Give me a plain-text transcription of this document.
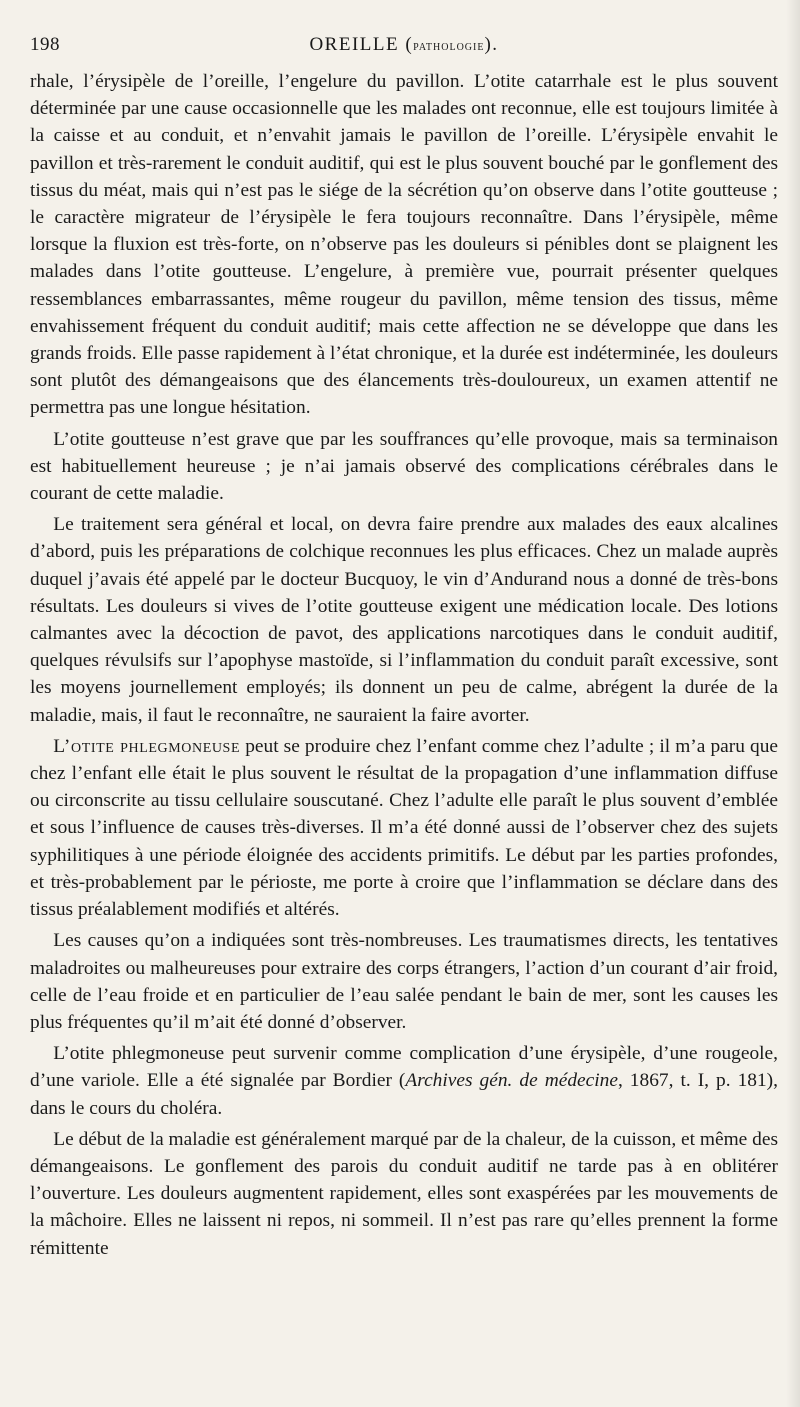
198	OREILLE (pathologie).

rhale, l’érysipèle de l’oreille, l’engelure du pavillon. L’otite catarrhale est le plus souvent déterminée par une cause occasionnelle que les malades ont reconnue, elle est toujours limitée à la caisse et au conduit, et n’envahit jamais le pavillon de l’oreille. L’érysipèle envahit le pavillon et très-rarement le conduit auditif, qui est le plus souvent bouché par le gonflement des tissus du méat, mais qui n’est pas le siége de la sécrétion qu’on observe dans l’otite goutteuse ; le caractère migrateur de l’érysipèle le fera toujours reconnaître. Dans l’érysipèle, même lorsque la fluxion est très-forte, on n’observe pas les douleurs si pénibles dont se plaignent les malades dans l’otite goutteuse. L’engelure, à première vue, pourrait présenter quelques ressemblances embarrassantes, même rougeur du pavillon, même tension des tissus, même envahissement fréquent du conduit auditif; mais cette affection ne se développe que dans les grands froids. Elle passe rapidement à l’état chronique, et la durée est indéterminée, les douleurs sont plutôt des démangeaisons que des élancements très-douloureux, un examen attentif ne permettra pas une longue hésitation.

L’otite goutteuse n’est grave que par les souffrances qu’elle provoque, mais sa terminaison est habituellement heureuse ; je n’ai jamais observé des complications cérébrales dans le courant de cette maladie.

Le traitement sera général et local, on devra faire prendre aux malades des eaux alcalines d’abord, puis les préparations de colchique reconnues les plus efficaces. Chez un malade auprès duquel j’avais été appelé par le docteur Bucquoy, le vin d’Andurand nous a donné de très-bons résultats. Les douleurs si vives de l’otite goutteuse exigent une médication locale. Des lotions calmantes avec la décoction de pavot, des applications narcotiques dans le conduit auditif, quelques révulsifs sur l’apophyse mastoïde, si l’inflammation du conduit paraît excessive, sont les moyens journellement employés; ils donnent un peu de calme, abrégent la durée de la maladie, mais, il faut le reconnaître, ne sauraient la faire avorter.

L’otite phlegmoneuse peut se produire chez l’enfant comme chez l’adulte ; il m’a paru que chez l’enfant elle était le plus souvent le résultat de la propagation d’une inflammation diffuse ou circonscrite au tissu cellulaire souscutané. Chez l’adulte elle paraît le plus souvent d’emblée et sous l’influence de causes très-diverses. Il m’a été donné aussi de l’observer chez des sujets syphilitiques à une période éloignée des accidents primitifs. Le début par les parties profondes, et très-probablement par le périoste, me porte à croire que l’inflammation se déclare dans des tissus préalablement modifiés et altérés.

Les causes qu’on a indiquées sont très-nombreuses. Les traumatismes directs, les tentatives maladroites ou malheureuses pour extraire des corps étrangers, l’action d’un courant d’air froid, celle de l’eau froide et en particulier de l’eau salée pendant le bain de mer, sont les causes les plus fréquentes qu’il m’ait été donné d’observer.

L’otite phlegmoneuse peut survenir comme complication d’une érysipèle, d’une rougeole, d’une variole. Elle a été signalée par Bordier (Archives gén. de médecine, 1867, t. I, p. 181), dans le cours du choléra.

Le début de la maladie est généralement marqué par de la chaleur, de la cuisson, et même des démangeaisons. Le gonflement des parois du conduit auditif ne tarde pas à en oblitérer l’ouverture. Les douleurs augmentent rapidement, elles sont exaspérées par les mouvements de la mâchoire. Elles ne laissent ni repos, ni sommeil. Il n’est pas rare qu’elles prennent la forme rémittente
